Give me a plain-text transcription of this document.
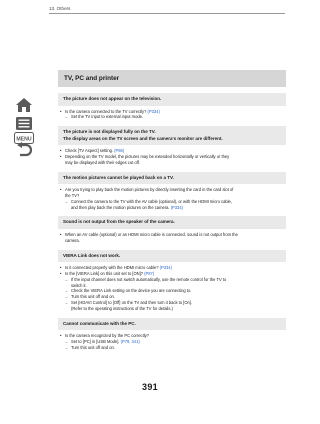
13. Others
MENU
TV, PC and printer
The picture does not appear on the television.
• Is the camera connected to the TV correctly? (P334)
→ Set the TV input to external input mode.
The picture is not displayed fully on the TV.
The display areas on the TV screen and the camera's monitor are different.
• Check [TV Aspect] setting. (P86)
• Depending on the TV model, the pictures may be extended horizontally or vertically or they
may be displayed with their edges cut off.
The motion pictures cannot be played back on a TV.
• Are you trying to play back the motion pictures by directly inserting the card in the card slot of
the TV?
→ Connect the camera to the TV with the AV cable (optional), or with the HDMI micro cable,
and then play back the motion pictures on the camera. (P334)
Sound is not output from the speaker of the camera.
• When an AV cable (optional) or an HDMI micro cable is connected, sound is not output from the
camera.
VIERA Link does not work.
• Is it connected properly with the HDMI micro cable? (P334)
• Is the [VIERA Link] on this unit set to [ON]? (P87)
→ If the input channel does not switch automatically, use the remote control for the TV to
switch it.
→ Check the VIERA Link setting on the device you are connecting to.
→ Turn this unit off and on.
→ Set [HDAVI Control] to [Off] on the TV and then turn it back to [On].
(Refer to the operating instructions of the TV for details.)
Cannot communicate with the PC.
• Is the camera recognized by the PC correctly?
→ Set to [PC] in [USB Mode]. (P79, 341)
→ Turn this unit off and on.
391
